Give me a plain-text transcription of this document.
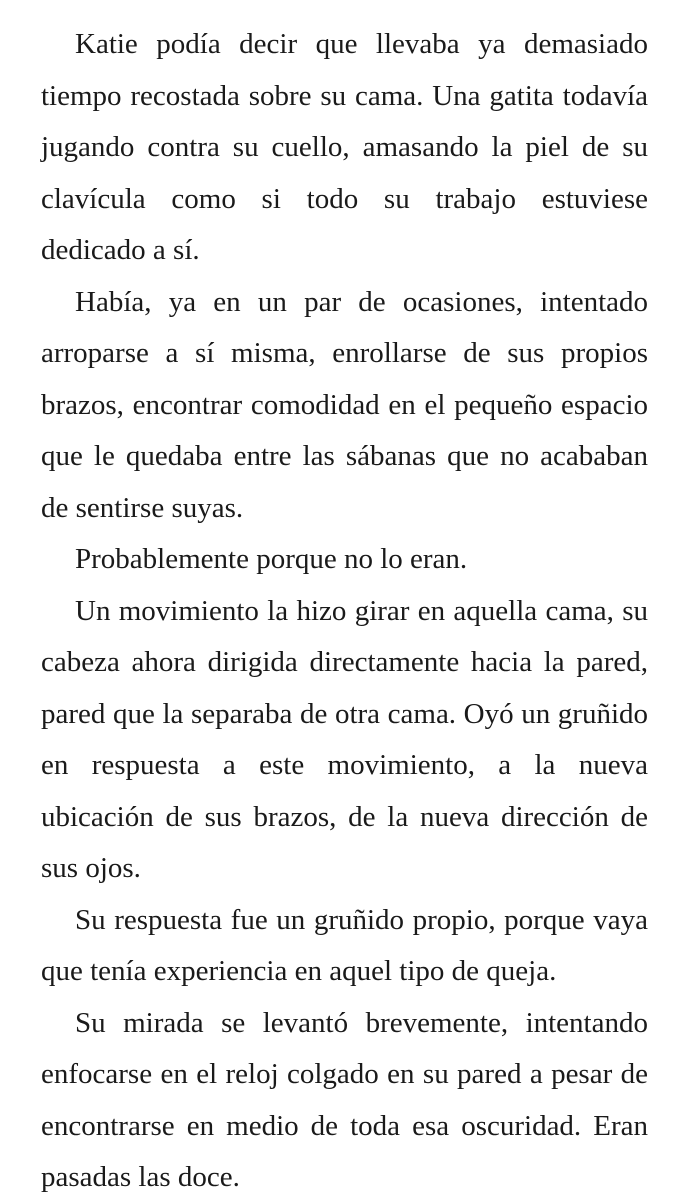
Katie podía decir que llevaba ya demasiado tiempo recostada sobre su cama. Una gatita todavía jugando contra su cuello, amasando la piel de su clavícula como si todo su trabajo estuviese dedicado a sí.

Había, ya en un par de ocasiones, intentado arroparse a sí misma, enrollarse de sus propios brazos, encontrar comodidad en el pequeño espacio que le quedaba entre las sábanas que no acababan de sentirse suyas.

Probablemente porque no lo eran.

Un movimiento la hizo girar en aquella cama, su cabeza ahora dirigida directamente hacia la pared, pared que la separaba de otra cama. Oyó un gruñido en respuesta a este movimiento, a la nueva ubicación de sus brazos, de la nueva dirección de sus ojos.

Su respuesta fue un gruñido propio, porque vaya que tenía experiencia en aquel tipo de queja.

Su mirada se levantó brevemente, intentando enfocarse en el reloj colgado en su pared a pesar de encontrarse en medio de toda esa oscuridad. Eran pasadas las doce.
